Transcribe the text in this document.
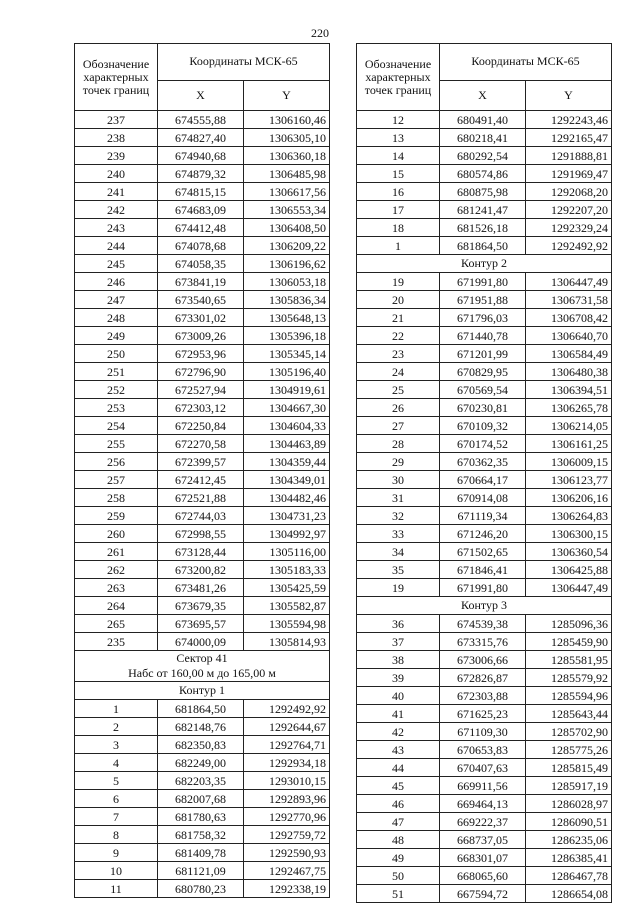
220
Обозначение характерных точек границ	Координаты МСК-65	
	X	Y
237	674555,88	1306160,46
238	674827,40	1306305,10
239	674940,68	1306360,18
240	674879,32	1306485,98
241	674815,15	1306617,56
242	674683,09	1306553,34
243	674412,48	1306408,50
244	674078,68	1306209,22
245	674058,35	1306196,62
246	673841,19	1306053,18
247	673540,65	1305836,34
248	673301,02	1305648,13
249	673009,26	1305396,18
250	672953,96	1305345,14
251	672796,90	1305196,40
252	672527,94	1304919,61
253	672303,12	1304667,30
254	672250,84	1304604,33
255	672270,58	1304463,89
256	672399,57	1304359,44
257	672412,45	1304349,01
258	672521,88	1304482,46
259	672744,03	1304731,23
260	672998,55	1304992,97
261	673128,44	1305116,00
262	673200,82	1305183,33
263	673481,26	1305425,59
264	673679,35	1305582,87
265	673695,57	1305594,98
235	674000,09	1305814,93

Сектор 41
Набс от 160,00 м до 165,00 м		

Контур 1		
1	681864,50	1292492,92
2	682148,76	1292644,67
3	682350,83	1292764,71
4	682249,00	1292934,18
5	682203,35	1293010,15
6	682007,68	1292893,96
7	681780,63	1292770,96
8	681758,32	1292759,72
9	681409,78	1292590,93
10	681121,09	1292467,75
11	680780,23	1292338,19
Обозначение характерных точек границ	Координаты МСК-65	
	X	Y
12	680491,40	1292243,46
13	680218,41	1292165,47
14	680292,54	1291888,81
15	680574,86	1291969,47
16	680875,98	1292068,20
17	681241,47	1292207,20
18	681526,18	1292329,24
1	681864,50	1292492,92
Контур 2		
19	671991,80	1306447,49
20	671951,88	1306731,58
21	671796,03	1306708,42
22	671440,78	1306640,70
23	671201,99	1306584,49
24	670829,95	1306480,38
25	670569,54	1306394,51
26	670230,81	1306265,78
27	670109,32	1306214,05
28	670174,52	1306161,25
29	670362,35	1306009,15
30	670664,17	1306123,77
31	670914,08	1306206,16
32	671119,34	1306264,83
33	671246,20	1306300,15
34	671502,65	1306360,54
35	671846,41	1306425,88
19	671991,80	1306447,49
Контур 3		
36	674539,38	1285096,36
37	673315,76	1285459,90
38	673006,66	1285581,95
39	672826,87	1285579,92
40	672303,88	1285594,96
41	671625,23	1285643,44
42	671109,30	1285702,90
43	670653,83	1285775,26
44	670407,63	1285815,49
45	669911,56	1285917,19
46	669464,13	1286028,97
47	669222,37	1286090,51
48	668737,05	1286235,06
49	668301,07	1286385,41
50	668065,60	1286467,78
51	667594,72	1286654,08
